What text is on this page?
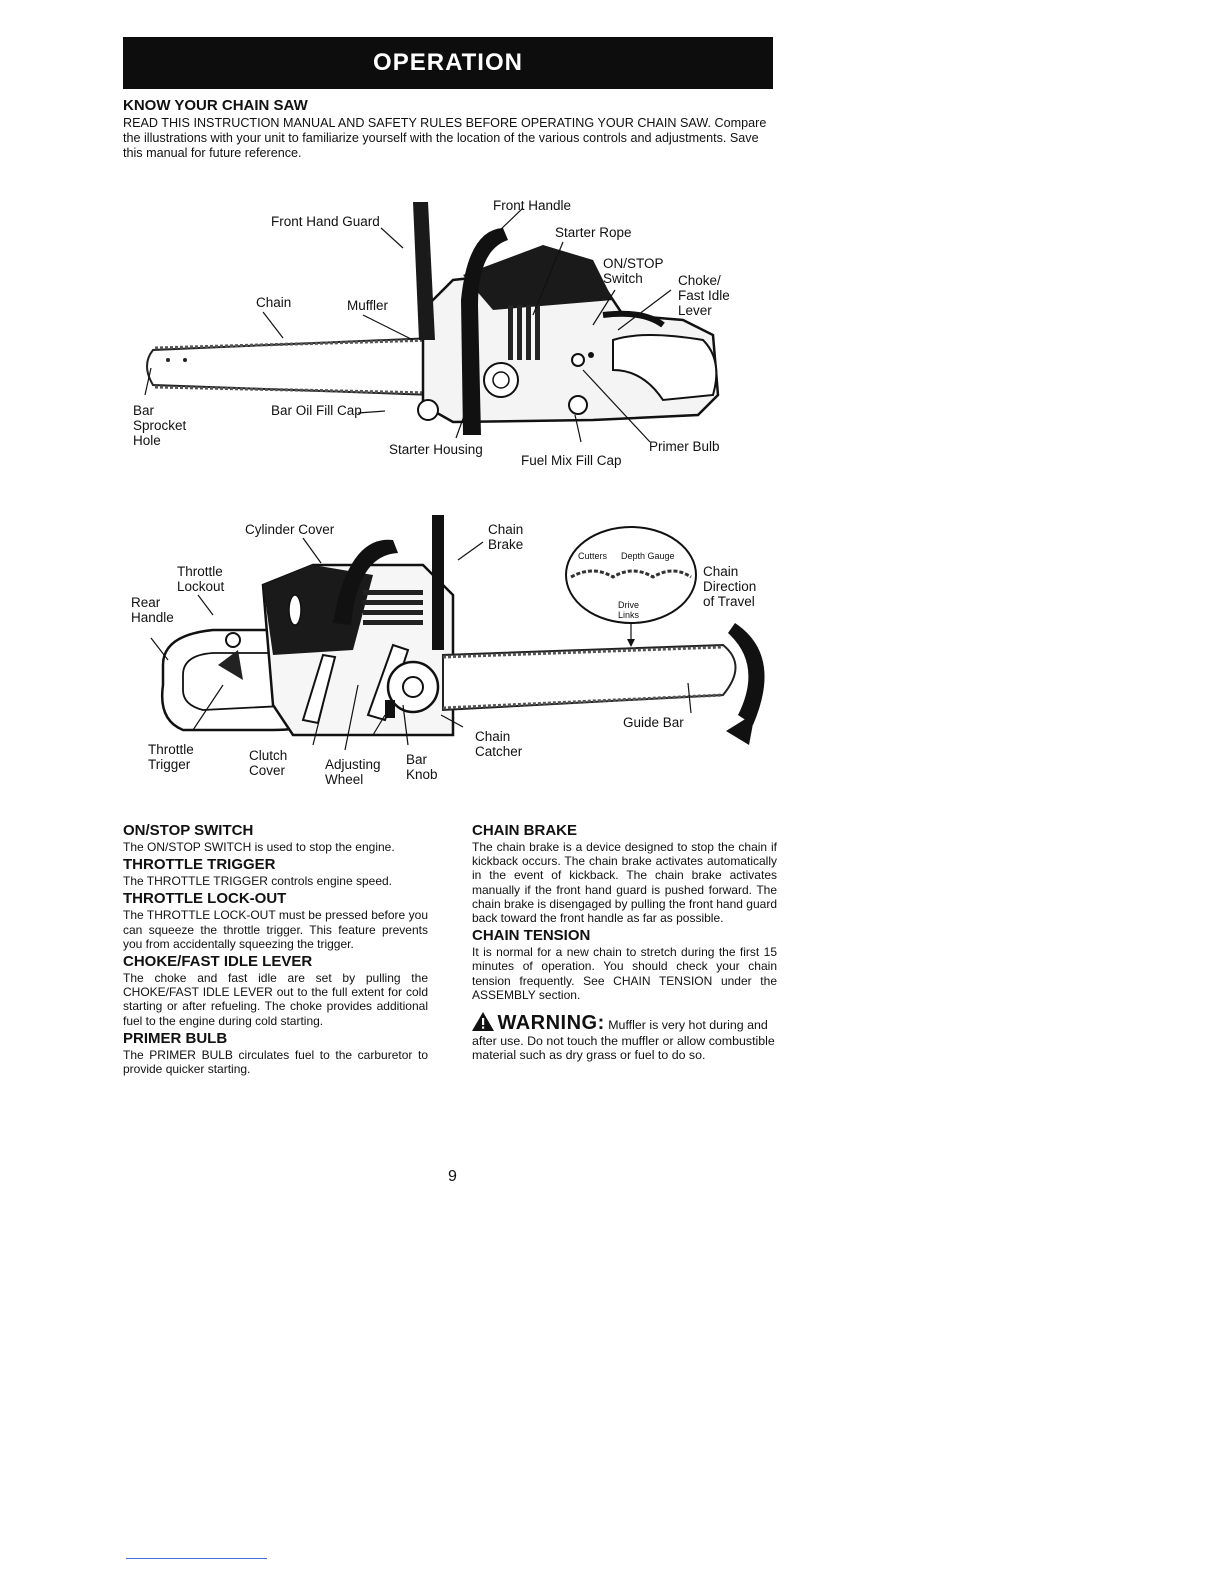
OPERATION
KNOW YOUR CHAIN SAW
READ THIS INSTRUCTION MANUAL AND SAFETY RULES BEFORE OPERATING YOUR CHAIN SAW. Compare the illustrations with your unit to familiarize yourself with the location of the various controls and adjustments. Save this manual for future reference.
Front Handle
Front Hand Guard
Starter Rope
ON/STOP
Switch	Choke/
Fast Idle
Lever
Chain	Muffler
Bar
Sprocket
Hole
Bar Oil Fill Cap
Starter Housing
Fuel Mix Fill Cap
Primer Bulb
Cylinder Cover	Chain
Brake
Throttle
Lockout
Rear
Handle
Cutters Depth Gauge
Drive
Links
Chain
Direction
of Travel
Guide Bar
Chain
Catcher
Throttle
Trigger
Clutch
Cover	Adjusting
Wheel
Bar
Knob

ON/STOP SWITCH

The ON/STOP SWITCH is used to stop the engine.

THROTTLE TRIGGER

The THROTTLE TRIGGER controls engine speed.

THROTTLE LOCK-OUT

The THROTTLE LOCK-OUT must be pressed before you can squeeze the throttle trigger. This feature prevents you from accidentally squeezing the trigger.

CHOKE/FAST IDLE LEVER

The choke and fast idle are set by pulling the CHOKE/FAST IDLE LEVER out to the full extent for cold starting or after refueling. The choke provides additional fuel to the engine during cold starting.

PRIMER BULB

The PRIMER BULB circulates fuel to the carburetor to provide quicker starting.

CHAIN BRAKE

The chain brake is a device designed to stop the chain if kickback occurs. The chain brake activates automatically in the event of kickback. The chain brake activates manually if the front hand guard is pushed forward. The chain brake is disengaged by pulling the front hand guard back toward the front handle as far as possible.

CHAIN TENSION

It is normal for a new chain to stretch during the first 15 minutes of operation. You should check your chain tension frequently. See CHAIN TENSION under the ASSEMBLY section.

WARNING: Muffler is very hot during and after use. Do not touch the muffler or allow combustible material such as dry grass or fuel to do so.
9
